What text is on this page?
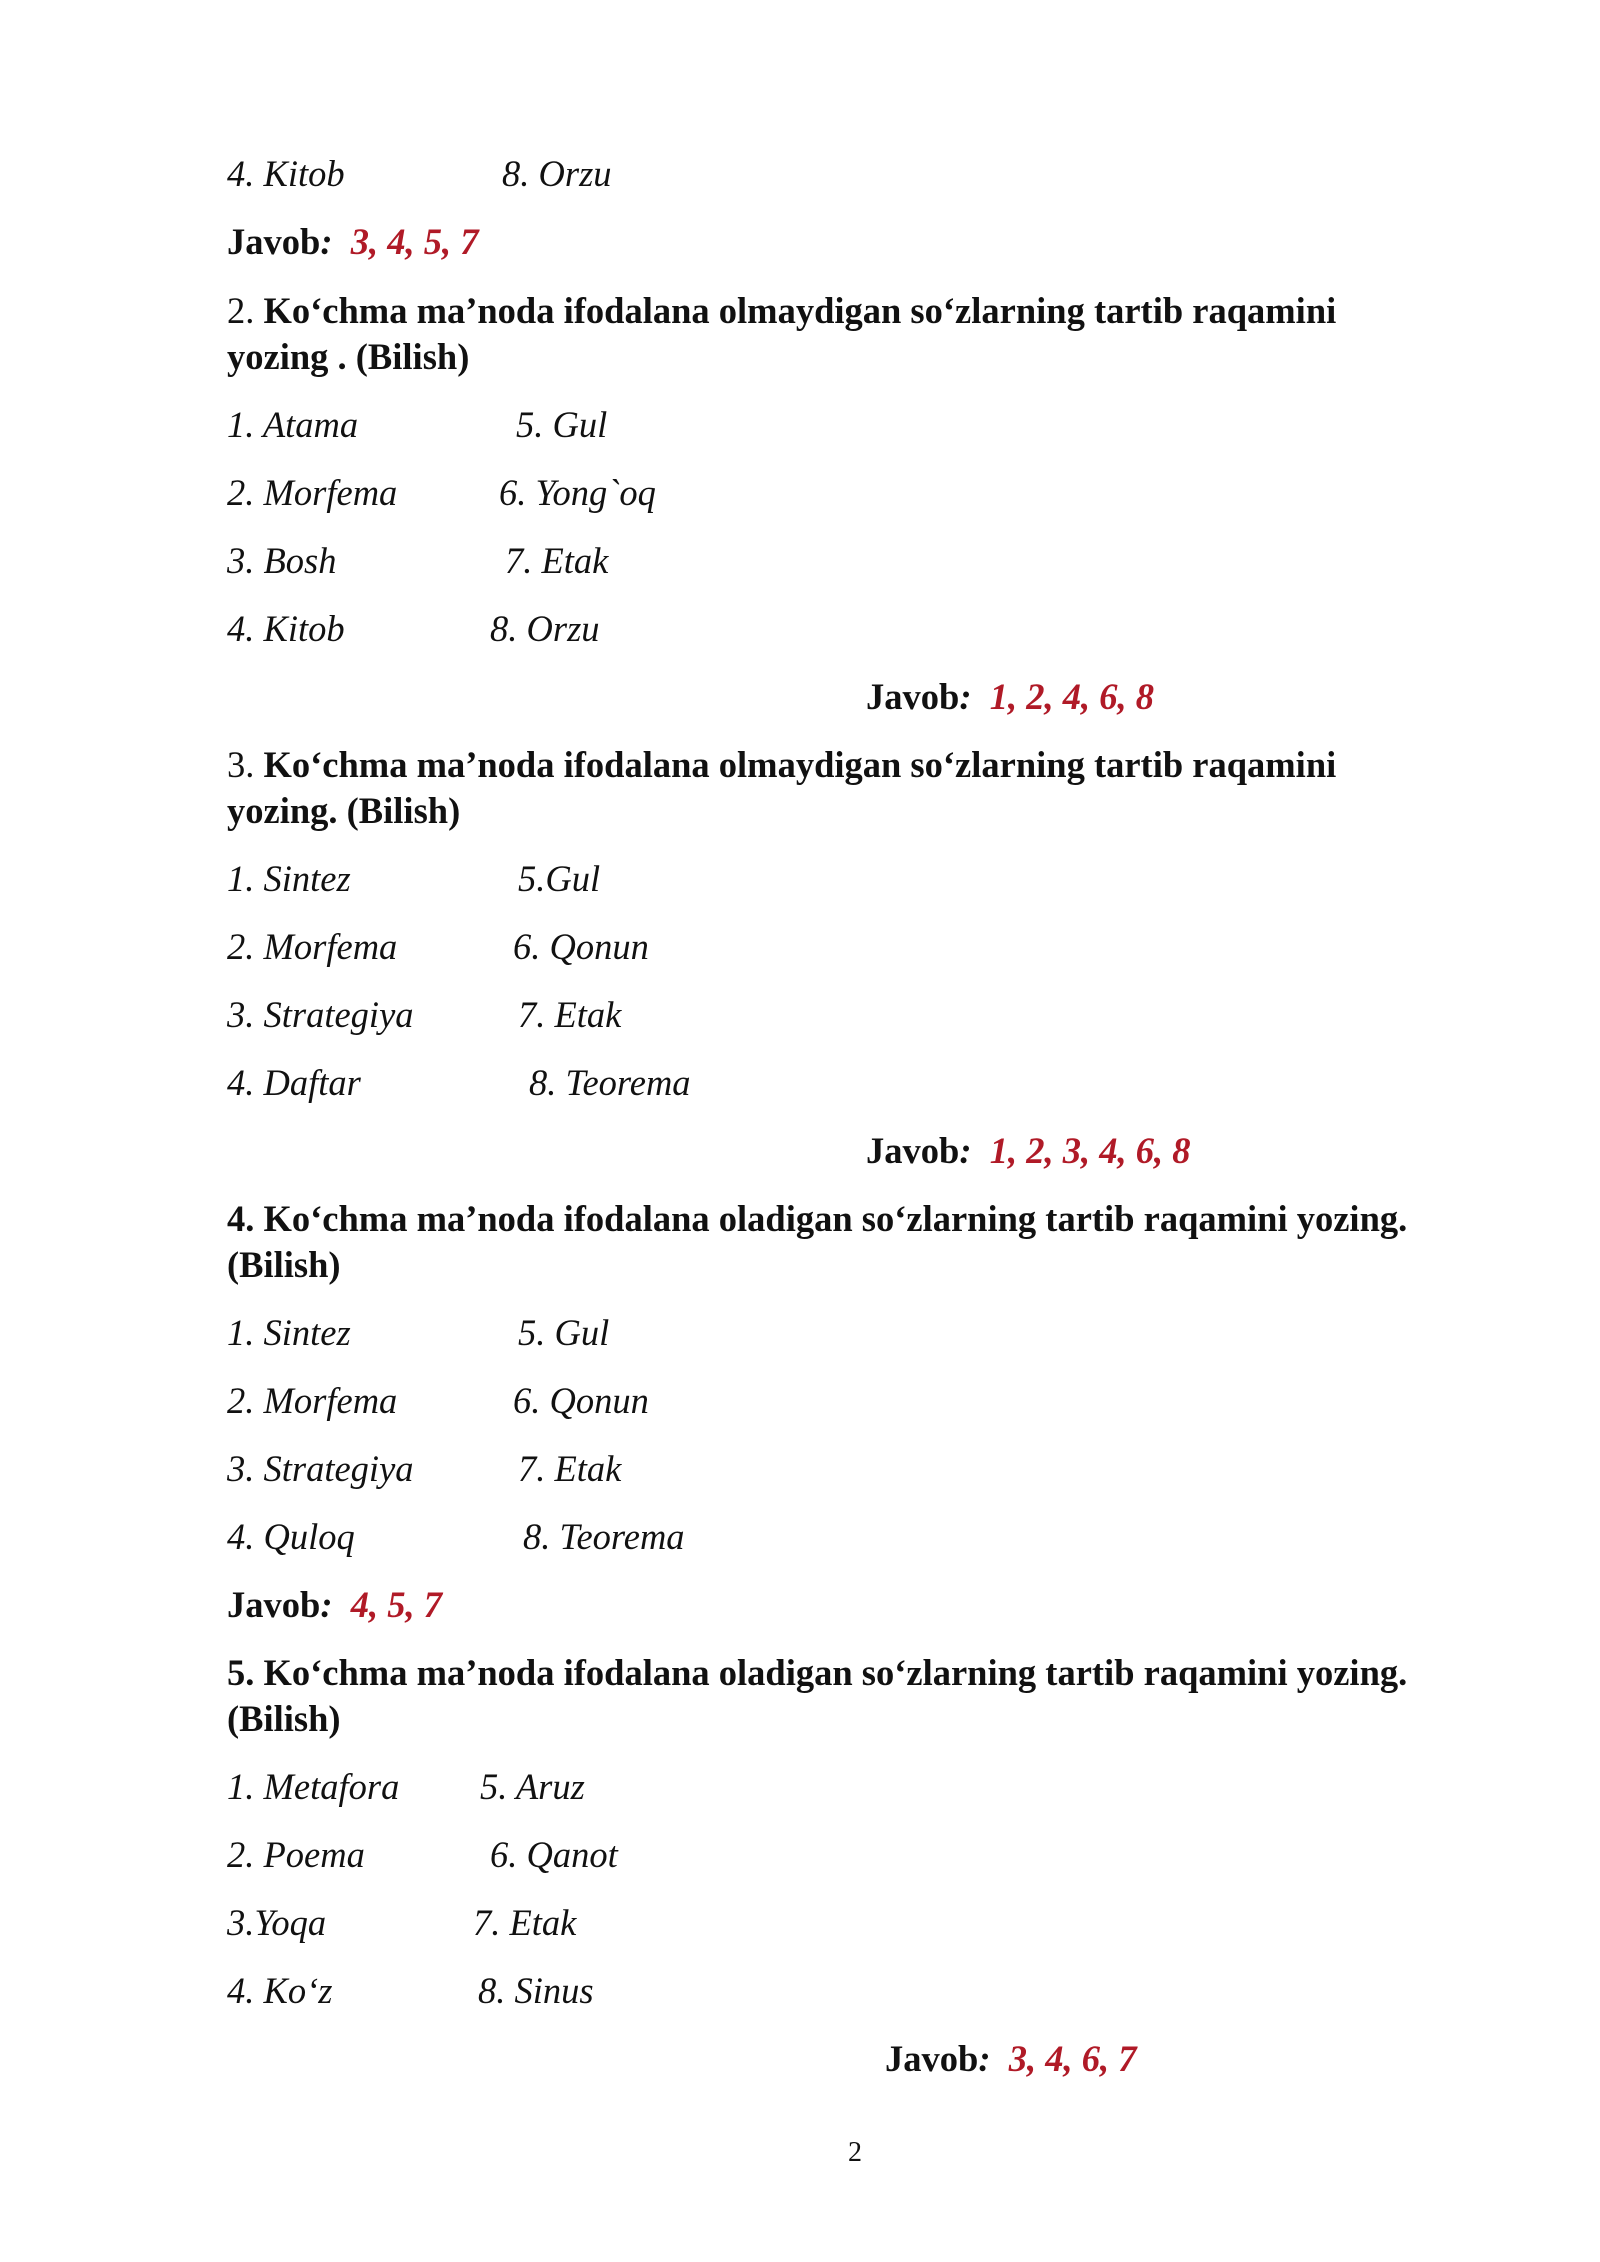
4. Kitob	8. Orzu
Javob: 3, 4, 5, 7
2. Ko‘chma ma’noda ifodalana olmaydigan so‘zlarning tartib raqamini
yozing . (Bilish)
1. Atama	5. Gul
2. Morfema	6. Yong`oq
3. Bosh	7. Etak
4. Kitob	8. Orzu
Javob: 1, 2, 4, 6, 8
3. Ko‘chma ma’noda ifodalana olmaydigan so‘zlarning tartib raqamini
yozing. (Bilish)
1. Sintez	5.Gul
2. Morfema	6. Qonun
3. Strategiya	7. Etak
4. Daftar	8. Teorema
Javob: 1, 2, 3, 4, 6, 8
4. Ko‘chma ma’noda ifodalana oladigan so‘zlarning tartib raqamini yozing.
(Bilish)
1. Sintez	5. Gul
2. Morfema	6. Qonun
3. Strategiya	7. Etak
4. Quloq	8. Teorema
Javob: 4, 5, 7
5. Ko‘chma ma’noda ifodalana oladigan so‘zlarning tartib raqamini yozing.
(Bilish)
1. Metafora 5. Aruz
2. Poema	6. Qanot
3.Yoqa	7. Etak
4. Ko‘z	8. Sinus
Javob: 3, 4, 6, 7
2
